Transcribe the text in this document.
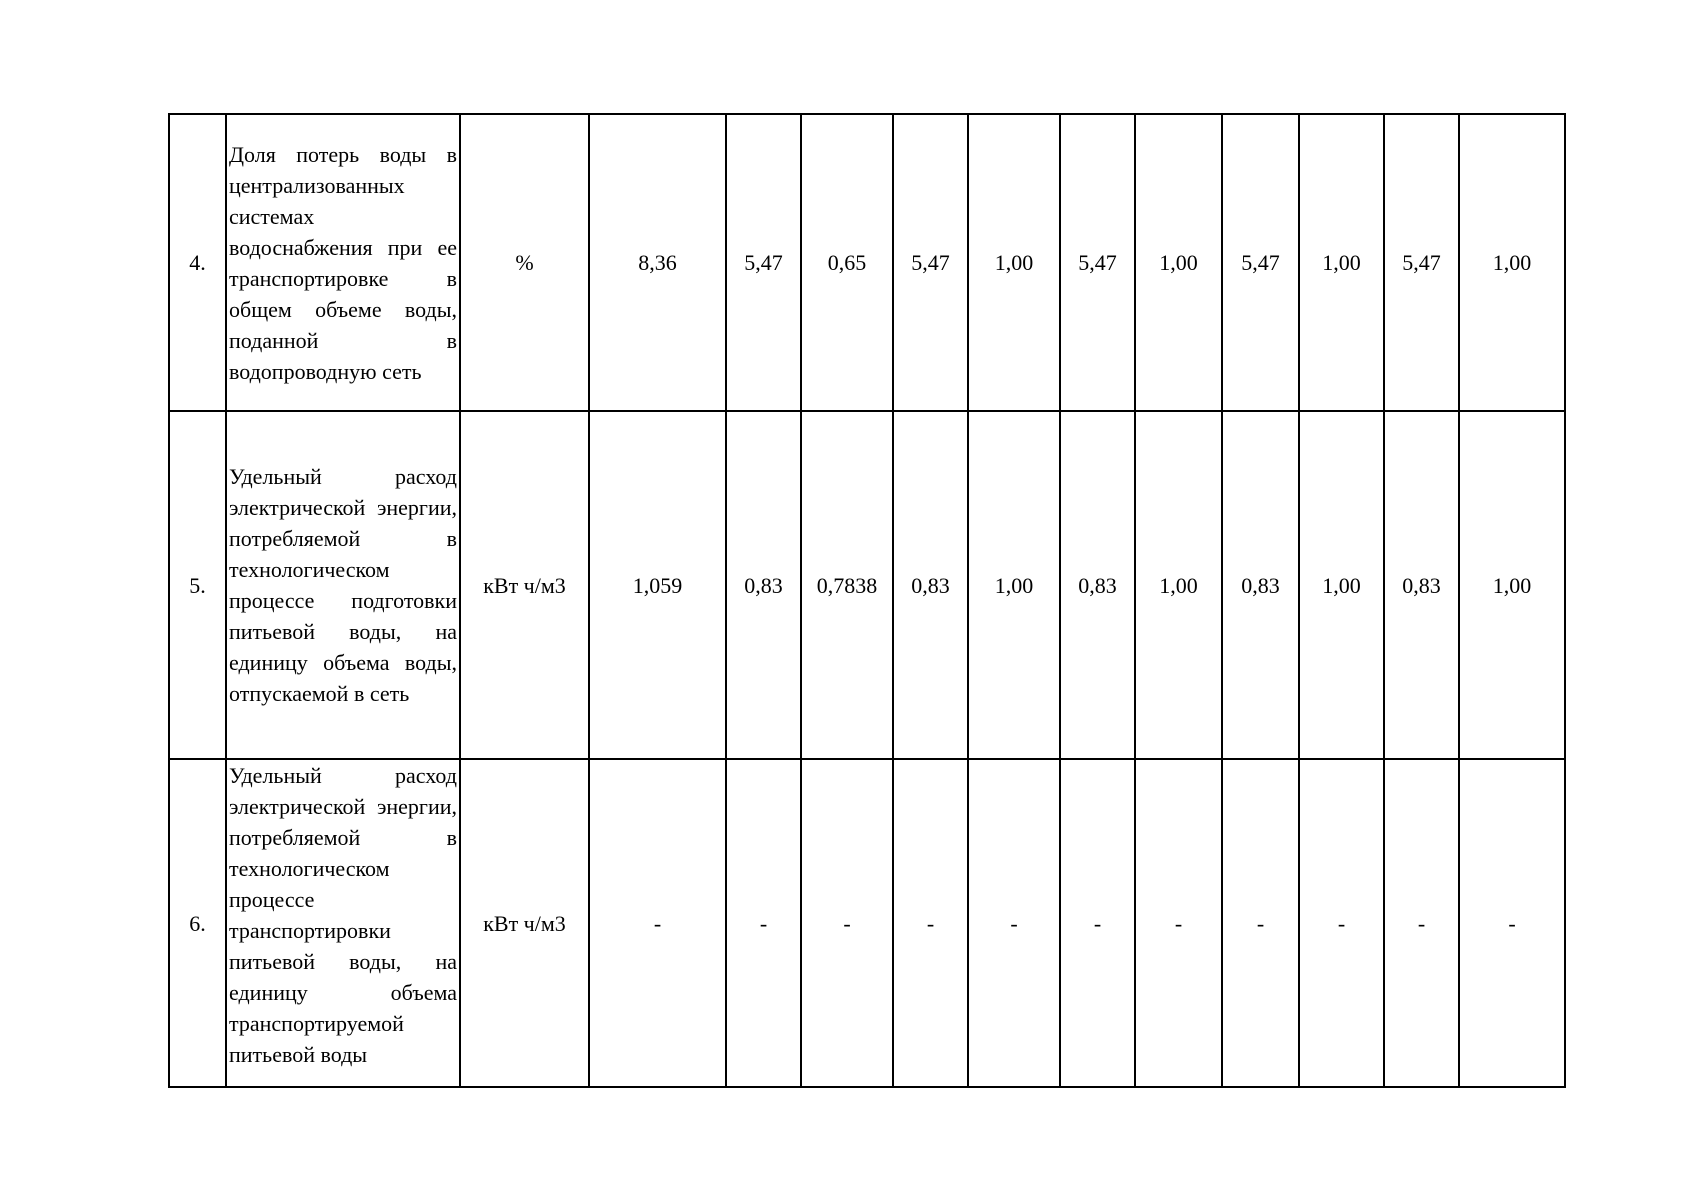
4.	Доля потерь воды в централизованных системах водоснабжения при ее транспортировке в общем объеме воды, поданной в водопроводную сеть	%	8,36	5,47	0,65	5,47	1,00	5,47	1,00	5,47	1,00	5,47	1,00
5.	Удельный расход электрической энергии, потребляемой в технологическом процессе подготовки питьевой воды, на единицу объема воды, отпускаемой в сеть	кВт ч/м3	1,059	0,83	0,7838	0,83	1,00	0,83	1,00	0,83	1,00	0,83	1,00
6.	Удельный расход электрической энергии, потребляемой в технологическом процессе транспортировки питьевой воды, на единицу объема транспортируемой питьевой воды	кВт ч/м3	-	-	-	-	-	-	-	-	-	-	-
